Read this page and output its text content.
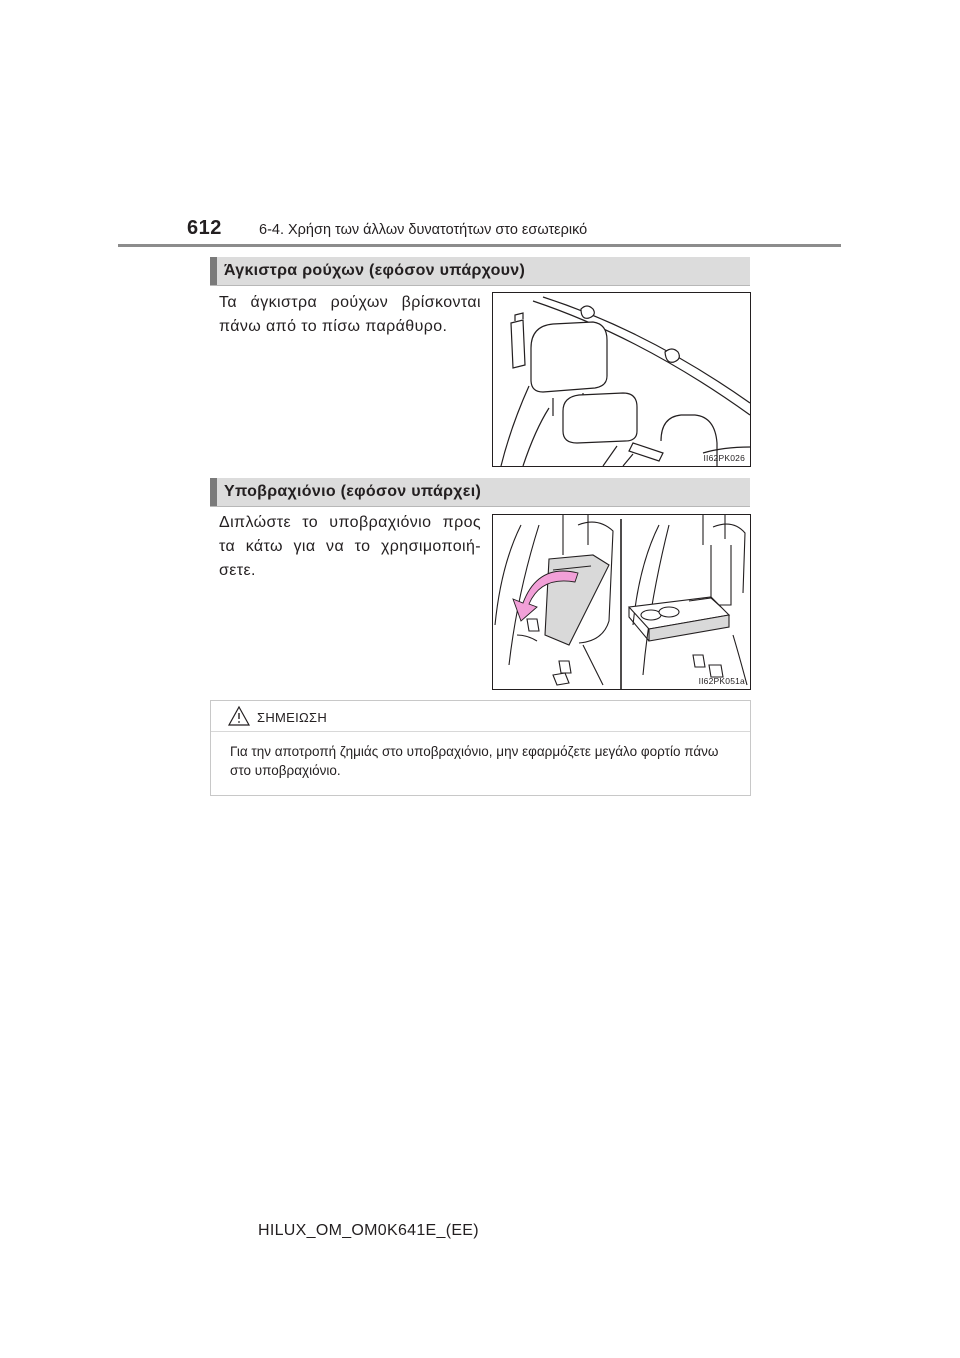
612	6-4. Χρήση των άλλων δυνατοτήτων στο εσωτερικό
Άγκιστρα ρούχων (εφόσον υπάρχουν)
Τα άγκιστρα ρούχων βρίσκονται πάνω από το πίσω παράθυρο.
II62PK026
Υποβραχιόνιο (εφόσον υπάρχει)
Διπλώστε το υποβραχιόνιο προς τα κάτω για να το χρησιμοποιή-σετε.
II62PK051a
ΣΗΜΕΙΩΣΗ
Για την αποτροπή ζημιάς στο υποβραχιόνιο, μην εφαρμόζετε μεγάλο φορτίο πάνω στο υποβραχιόνιο.
HILUX_OM_OM0K641E_(EE)
